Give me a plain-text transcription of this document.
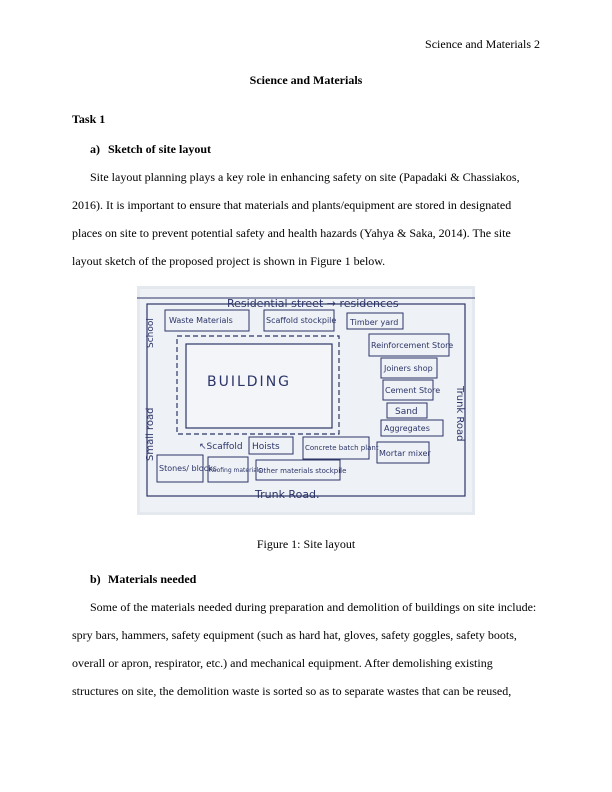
Science and Materials 2
Science and Materials
Task 1
a) Sketch of site layout
Site layout planning plays a key role in enhancing safety on site (Papadaki & Chassiakos,
2016). It is important to ensure that materials and plants/equipment are stored in designated
places on site to prevent potential safety and health hazards (Yahya & Saka, 2014). The site
layout sketch of the proposed project is shown in Figure 1 below.
Residential street → residences
Waste Materials	Scaffold stockpile Timber yard
Reinforcement Store
Joiners shop
Cement Store
Sand
Aggregates
BUILDING
↖Scaffold Hoists	Concrete batch plant
Mortar mixer
Stones/ blocks
Roofing materials
Other materials stockpile
Trunk Road.
Trunk Road
Small road
School
Figure 1: Site layout
b) Materials needed
Some of the materials needed during preparation and demolition of buildings on site include:
spry bars, hammers, safety equipment (such as hard hat, gloves, safety goggles, safety boots,
overall or apron, respirator, etc.) and mechanical equipment. After demolishing existing
structures on site, the demolition waste is sorted so as to separate wastes that can be reused,
